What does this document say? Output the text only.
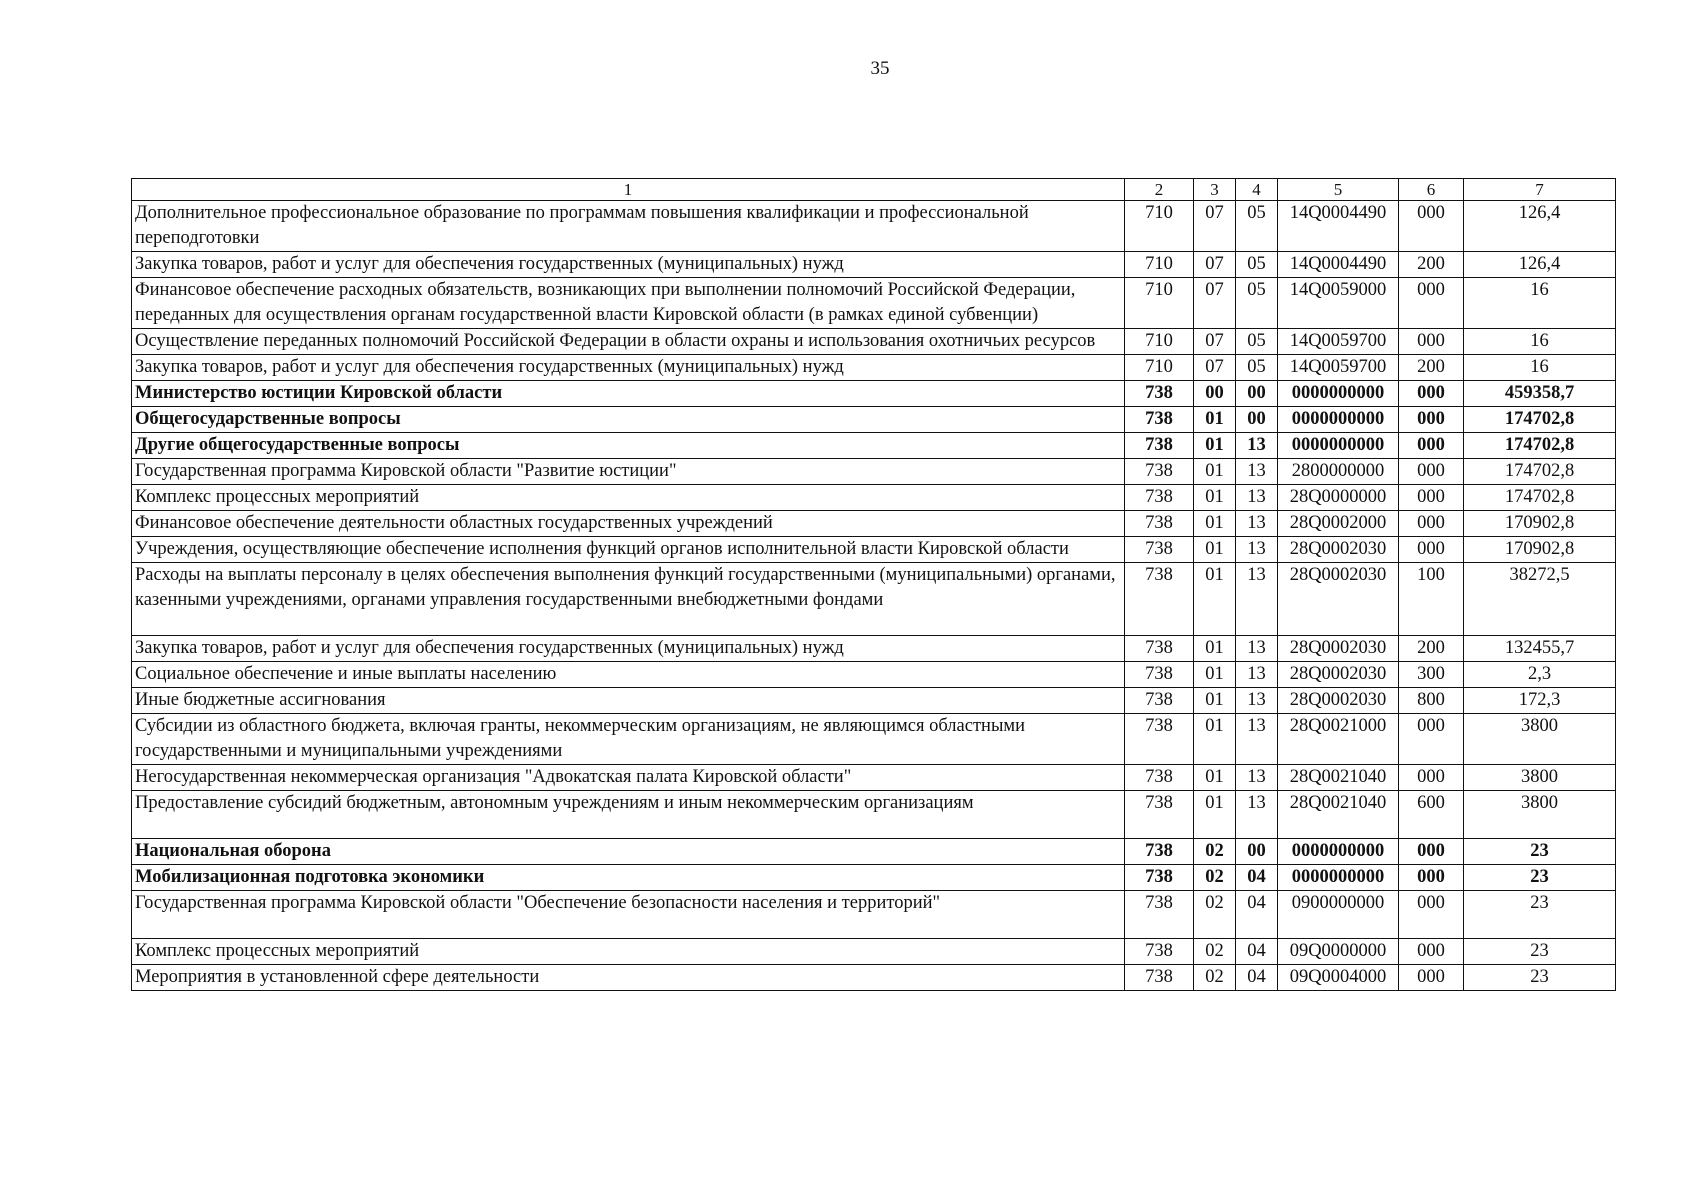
35
1	2	3	4	5	6	7
Дополнительное профессиональное образование по программам повышения квалификации и профессиональной переподготовки	710	07	05	14Q0004490	000	126,4
Закупка товаров, работ и услуг для обеспечения государственных (муниципальных) нужд	710	07	05	14Q0004490	200	126,4
Финансовое обеспечение расходных обязательств, возникающих при выполнении полномочий Российской Федерации, переданных для осуществления органам государственной власти Кировской области (в рамках единой субвенции)	710	07	05	14Q0059000	000	16
Осуществление переданных полномочий Российской Федерации в области охраны и использования охотничьих ресурсов	710	07	05	14Q0059700	000	16
Закупка товаров, работ и услуг для обеспечения государственных (муниципальных) нужд	710	07	05	14Q0059700	200	16
Министерство юстиции Кировской области	738	00	00	0000000000	000	459358,7
Общегосударственные вопросы	738	01	00	0000000000	000	174702,8
Другие общегосударственные вопросы	738	01	13	0000000000	000	174702,8
Государственная программа Кировской области "Развитие юстиции"	738	01	13	2800000000	000	174702,8
Комплекс процессных мероприятий	738	01	13	28Q0000000	000	174702,8
Финансовое обеспечение деятельности областных государственных учреждений	738	01	13	28Q0002000	000	170902,8
Учреждения, осуществляющие обеспечение исполнения функций органов исполнительной власти Кировской области	738	01	13	28Q0002030	000	170902,8
Расходы на выплаты персоналу в целях обеспечения выполнения функций государственными (муниципальными) органами, казенными учреждениями, органами управления государственными внебюджетными фондами	738	01	13	28Q0002030	100	38272,5
Закупка товаров, работ и услуг для обеспечения государственных (муниципальных) нужд	738	01	13	28Q0002030	200	132455,7
Социальное обеспечение и иные выплаты населению	738	01	13	28Q0002030	300	2,3
Иные бюджетные ассигнования	738	01	13	28Q0002030	800	172,3
Субсидии из областного бюджета, включая гранты, некоммерческим организациям, не являющимся областными государственными и муниципальными учреждениями	738	01	13	28Q0021000	000	3800
Негосударственная некоммерческая организация "Адвокатская палата Кировской области"	738	01	13	28Q0021040	000	3800
Предоставление субсидий бюджетным, автономным учреждениям и иным некоммерческим организациям	738	01	13	28Q0021040	600	3800
Национальная оборона	738	02	00	0000000000	000	23
Мобилизационная подготовка экономики	738	02	04	0000000000	000	23
Государственная программа Кировской области "Обеспечение безопасности населения и территорий"	738	02	04	0900000000	000	23
Комплекс процессных мероприятий	738	02	04	09Q0000000	000	23
Мероприятия в установленной сфере деятельности	738	02	04	09Q0004000	000	23
